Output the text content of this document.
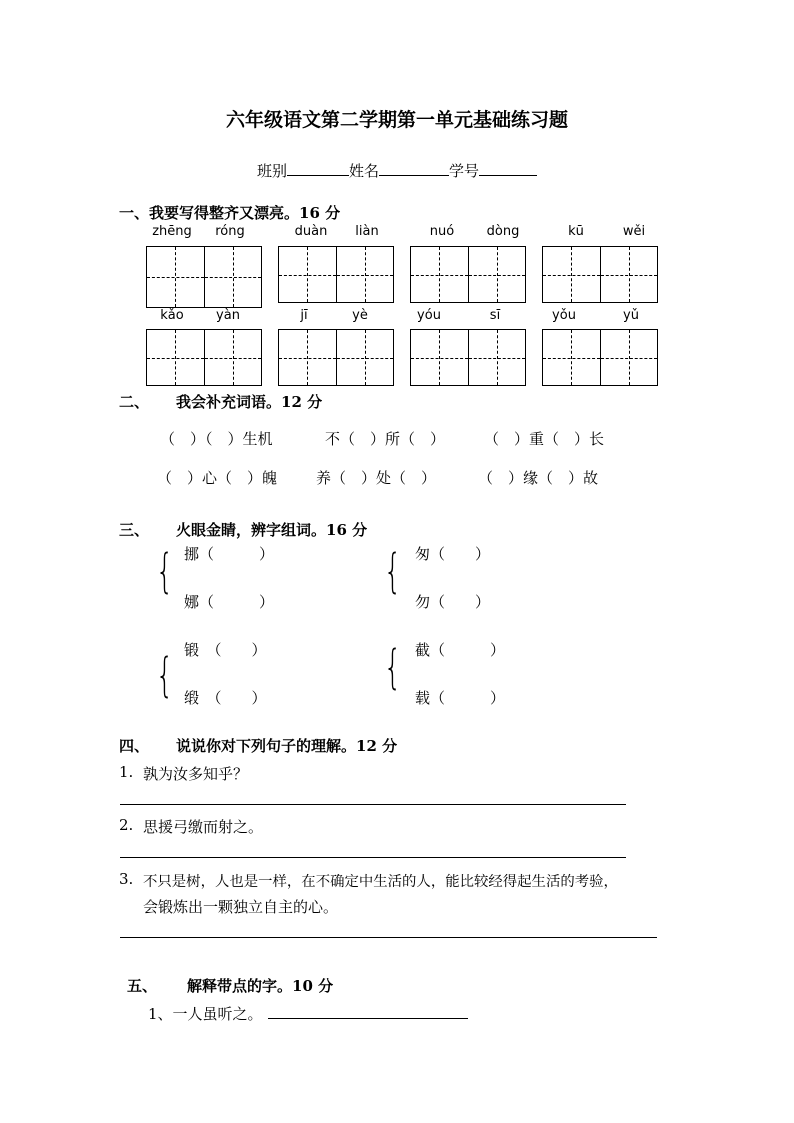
六年级语文第二学期第一单元基础练习题
班别	姓名	学号
一、我要写得整齐又漂亮。16 分
zhēng	róng	duàn	liàn	nuó	dòng	kū	wěi
kǎo	yàn	jī	yè	yóu	sī	yǒu	yǔ
二、 我会补充词语。12 分
（　）（　）生机	不（　）所（　）	（　）重（　）长
（　）心（　）魄	养（　）处（　）	（　）缘（　）故
三、 火眼金睛，辨字组词。16 分
{ 挪（　　　）
娜（　　　）
{ 匆（　　）
勿（　　）
{ 锻　（　　）
缎　（　　）
{ 截（　　　）
载（　　　）
四、 说说你对下列句子的理解。12 分
1. 孰为汝多知乎？
2. 思援弓缴而射之。
3. 不只是树，人也是一样，在不确定中生活的人，能比较经得起生活的考验，
会锻炼出一颗独立自主的心。
五、 解释带点的字。10 分
1、一人虽听之。
